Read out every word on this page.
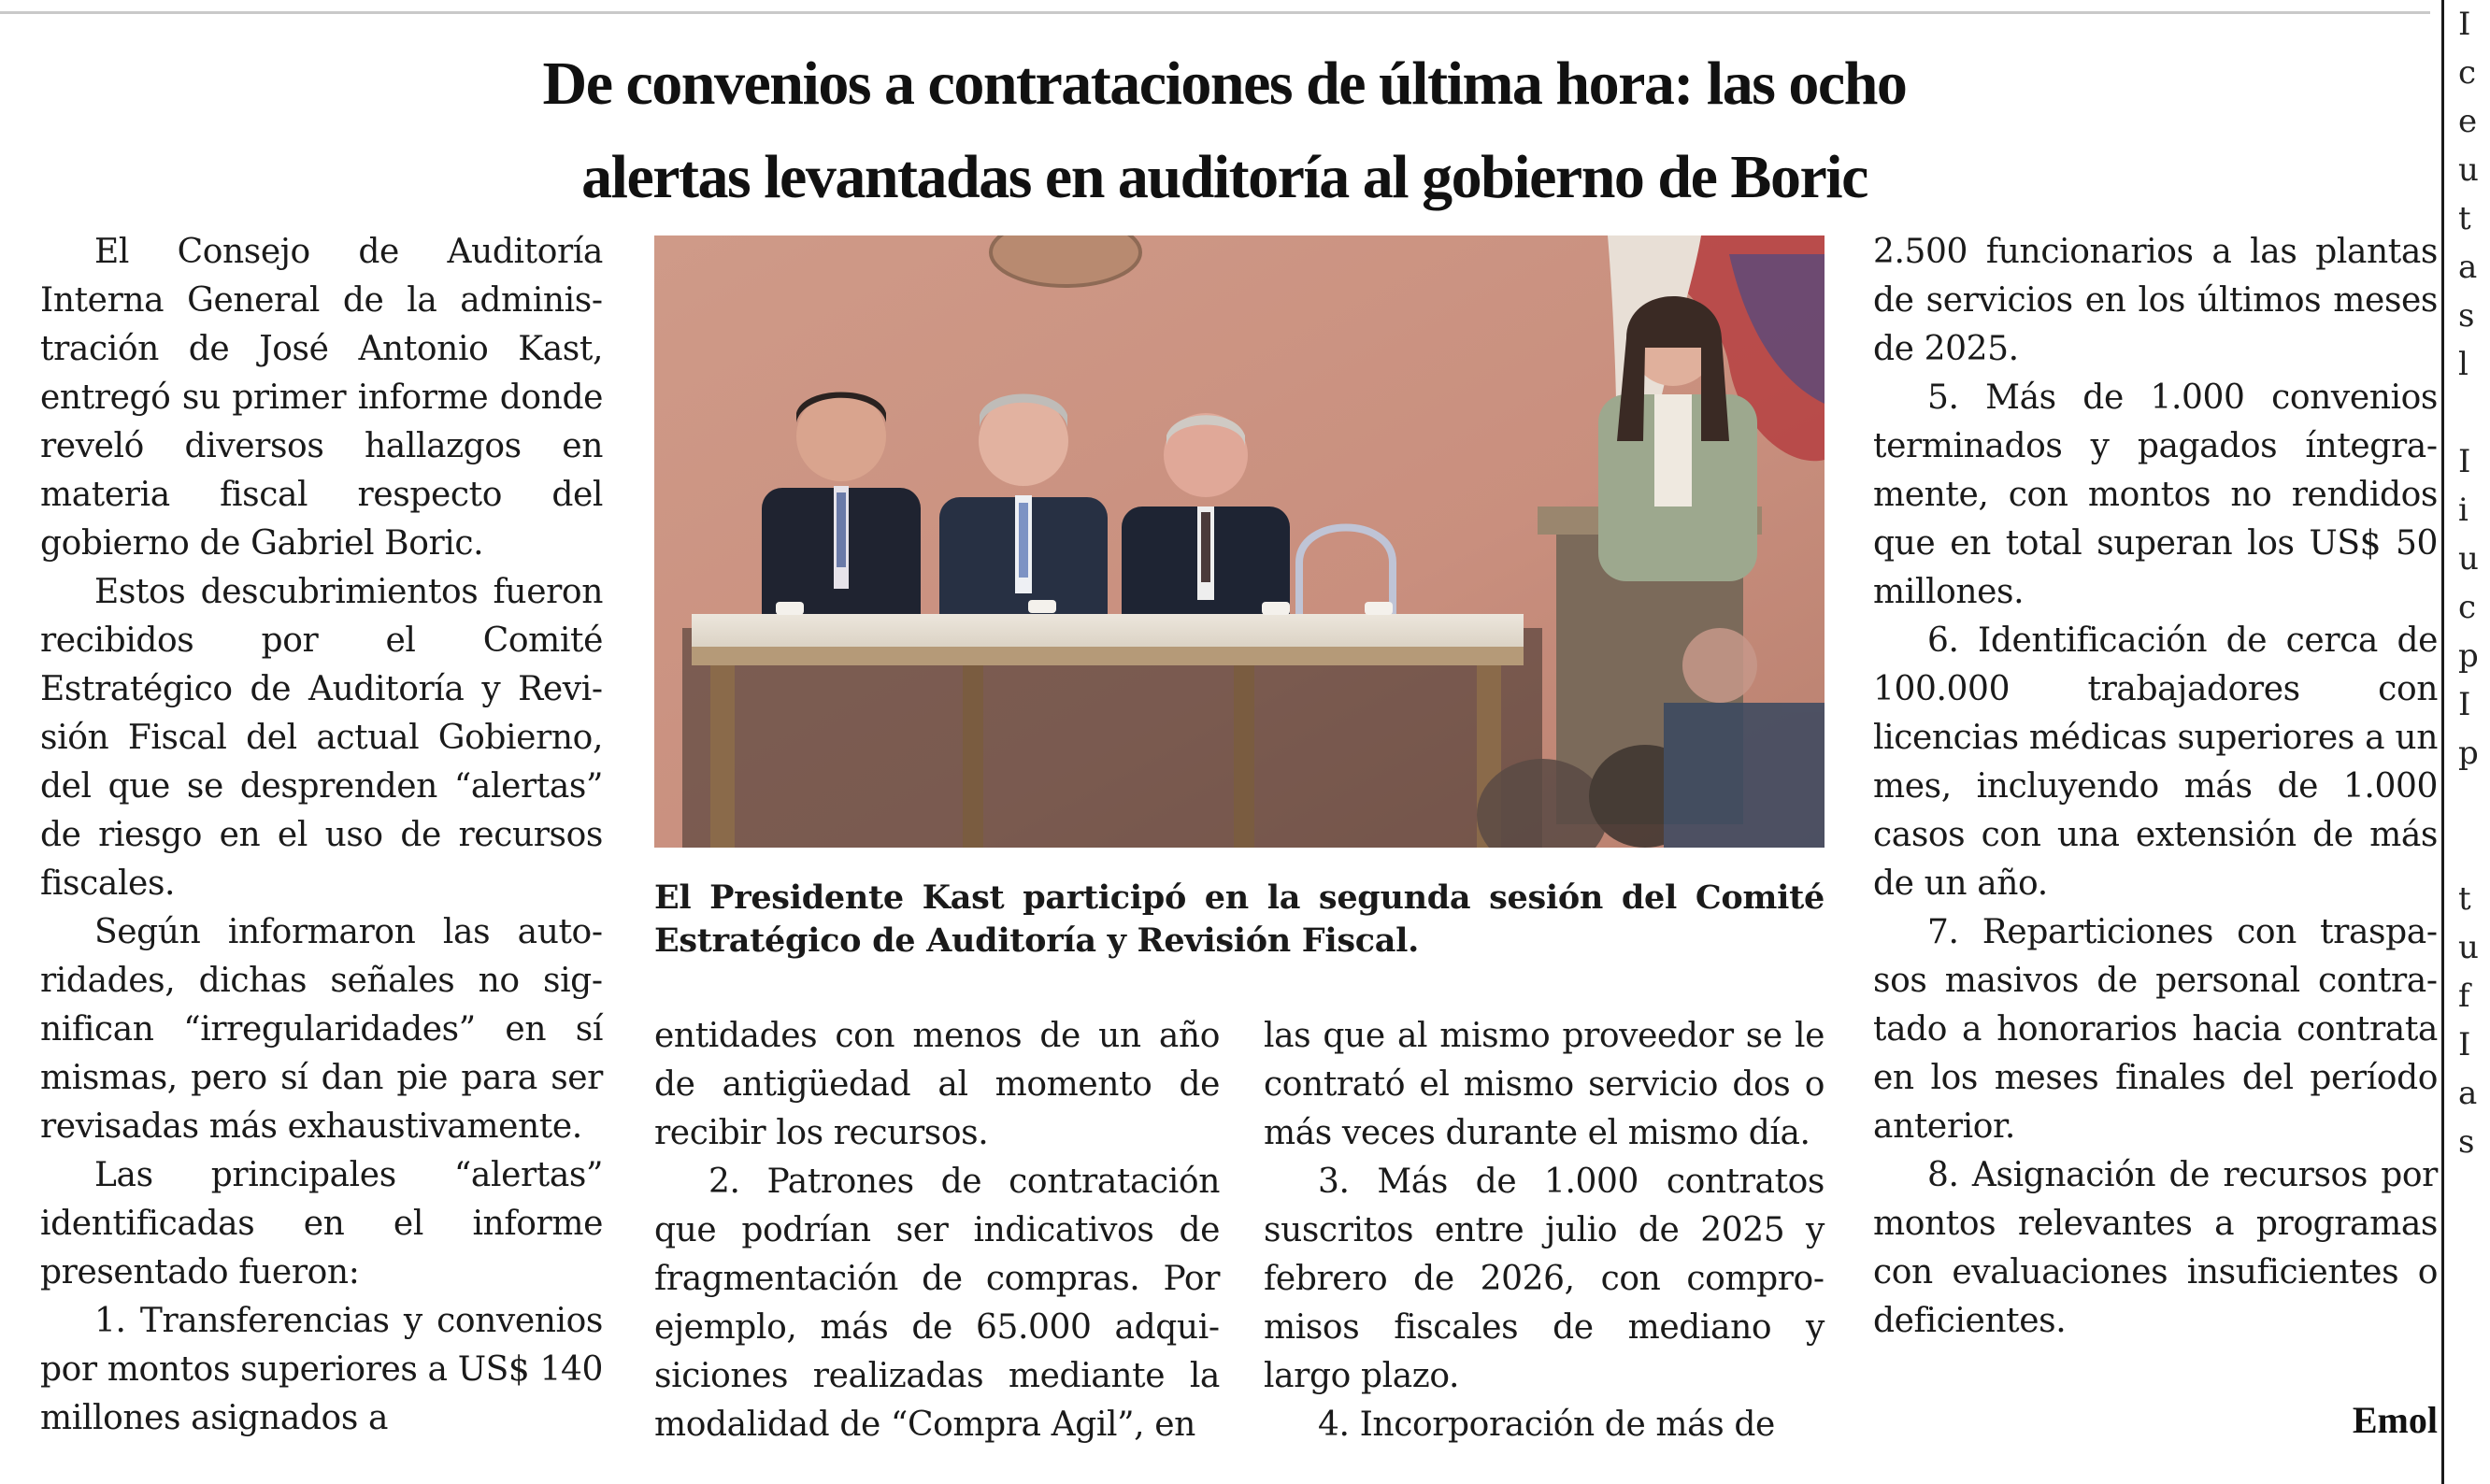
De convenios a contrataciones de última hora: las ocho
alertas levantadas en auditoría al gobierno de Boric

El Consejo de Auditoría Interna General de la administración de José Antonio Kast, entregó su primer informe donde reveló diversos hallazgos en materia fiscal respecto del gobierno de Gabriel Boric.

Estos descubrimientos fueron recibidos por el Comité Estratégico de Auditoría y Revisión Fiscal del actual Gobierno, del que se desprenden “alertas” de riesgo en el uso de recursos fiscales.

Según informaron las autoridades, dichas señales no significan “irregularidades” en sí mismas, pero sí dan pie para ser revisadas más exhaustivamente.

Las principales “alertas” identificadas en el informe presentado fueron:

1. Transferencias y convenios por montos superiores a US$ 140 millones asignados a

El Presidente Kast participó en la segunda sesión del Comité Estratégico de Auditoría y Revisión Fiscal.

entidades con menos de un año de antigüedad al momento de recibir los recursos.

2. Patrones de contratación que podrían ser indicativos de fragmentación de compras. Por ejemplo, más de 65.000 adquisiciones realizadas mediante la modalidad de “Compra Agil”, en

las que al mismo proveedor se le contrató el mismo servicio dos o más veces durante el mismo día.

3. Más de 1.000 contratos suscritos entre julio de 2025 y febrero de 2026, con compromisos fiscales de mediano y largo plazo.

4. Incorporación de más de

2.500 funcionarios a las plantas de servicios en los últimos meses de 2025.

5. Más de 1.000 convenios terminados y pagados íntegramente, con montos no rendidos que en total superan los US$ 50 millones.

6. Identificación de cerca de 100.000 trabajadores con licencias médicas superiores a un mes, incluyendo más de 1.000 casos con una extensión de más de un año.

7. Reparticiones con traspasos masivos de personal contratado a honorarios hacia contrata en los meses finales del período anterior.

8. Asignación de recursos por montos relevantes a programas con evaluaciones insuficientes o deficientes.

Emol
I
c
e
u
t
a
s
l

I
i
u
c
p
I
p

t
u
f
I
a
s
